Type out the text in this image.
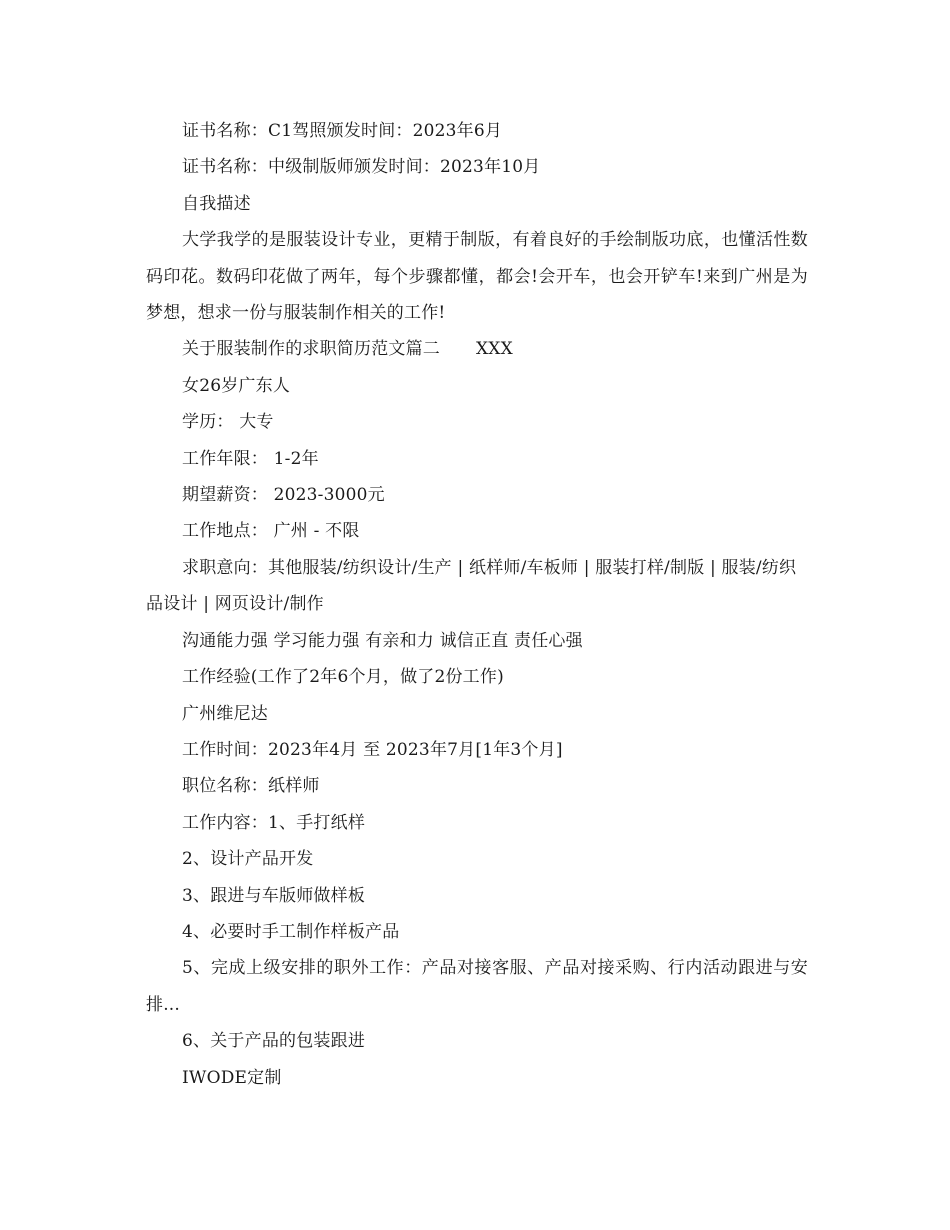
证书名称：C1驾照颁发时间：2023年6月

证书名称：中级制版师颁发时间：2023年10月

自我描述

大学我学的是服装设计专业，更精于制版，有着良好的手绘制版功底，也懂活性数码印花。数码印花做了两年，每个步骤都懂，都会!会开车，也会开铲车!来到广州是为梦想，想求一份与服装制作相关的工作!

关于服装制作的求职简历范文篇二 XXX

女26岁广东人

学历： 大专

工作年限： 1-2年

期望薪资： 2023-3000元

工作地点： 广州 - 不限

求职意向：其他服装/纺织设计/生产 | 纸样师/车板师 | 服装打样/制版 | 服装/纺织品设计 | 网页设计/制作

沟通能力强 学习能力强 有亲和力 诚信正直 责任心强

工作经验(工作了2年6个月，做了2份工作)

广州维尼达

工作时间：2023年4月 至 2023年7月[1年3个月]

职位名称：纸样师

工作内容：1、手打纸样

2、设计产品开发

3、跟进与车版师做样板

4、必要时手工制作样板产品

5、完成上级安排的职外工作：产品对接客服、产品对接采购、行内活动跟进与安排...

6、关于产品的包装跟进

IWODE定制
